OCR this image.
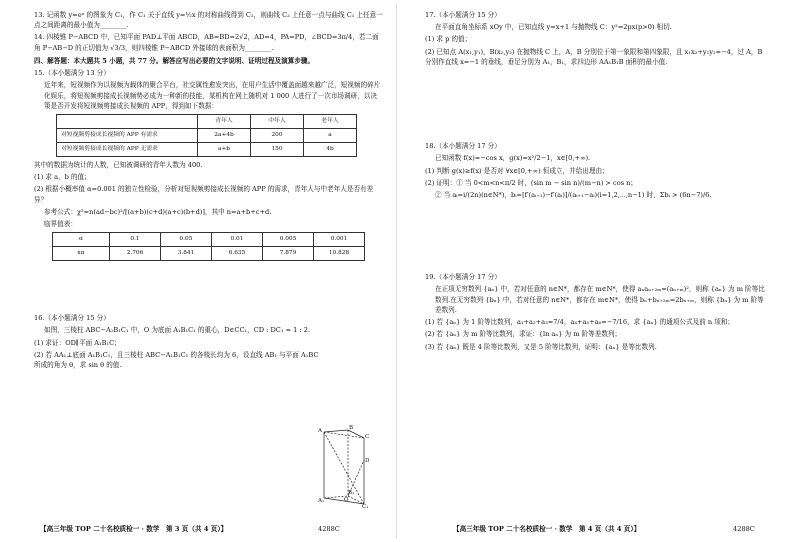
13. 记函数 y=eˣ 的图象为 C₁，作 C₁ 关于直线 y=½x 的对称曲线得到 C₂，则曲线 C₂ 上任意一点与曲线 C₁ 上任意一点之间距离的最小值为________.

14. 四棱锥 P−ABCD 中，已知平面 PAD⊥平面 ABCD，AB=BD=2√2，AD=4，PA=PD，∠BCD=3π/4，若二面角 P−AB−D 的正切值为 √3/3，则四棱锥 P−ABCD 外接球的表面积为________.

四、解答题：本大题共 5 小题，共 77 分。解答应写出必要的文字说明、证明过程及演算步骤。

15.（本小题满分 13 分）

近年来，短视频作为以视频为载体的聚合平台，社交属性愈发突出，在用户生活中覆盖面越来越广泛，短视频的碎片化娱乐，将短视频剪接成长视频势必成为一种新的技能，某机构在网上随机对 1 000 人进行了一次市场调研，以决策是否开发将短视频剪接成长视频的 APP，得到如下数据：

	青年人	中年人	老年人
对短视频剪接成长视频的 APP 有需求	2a+4b	200	a
对短视频剪接成长视频的 APP 无需求	a+b	150	4b

其中的数据为统计的人数，已知被调研的青年人数为 400.

(1) 求 a，b 的值；

(2) 根据小概率值 α=0.001 的独立性检验，分析对短视频剪接成长视频的 APP 的需求，青年人与中老年人是否有差异？

参考公式：χ²=n(ad−bc)²/[(a+b)(c+d)(a+c)(b+d)]，其中 n=a+b+c+d.

临界值表：

α	0.1	0.05	0.01	0.005	0.001
xα	2.706	3.841	6.635	7.879	10.828

16.（本小题满分 15 分）

如图，三棱柱 ABC−A₁B₁C₁ 中，O 为底面 A₁B₁C₁ 的重心，D∈CC₁，CD : DC₁ = 1 : 2.

(1) 求证：OD∥平面 A₁B₁C；

(2) 若 AA₁⊥底面 A₁B₁C₁，且三棱柱 ABC−A₁B₁C₁ 的各棱长均为 6，设直线 AB₁ 与平面 A₁BC 所成的角为 θ，求 sin θ 的值.

A	B
C
D
O
A₁
B₁
C₁
【高三年级 TOP 二十名校质检一 · 数学　第 3 页（共 4 页）】	4288C

17.（本小题满分 15 分）

在平面直角坐标系 xOy 中，已知直线 y=x+1 与抛物线 C：y²=2px(p>0) 相切.

(1) 求 p 的值；

(2) 已知点 A(x₁,y₁)，B(x₂,y₂) 在抛物线 C 上，A，B 分别位于第一象限和第四象限，且 x₁x₂+y₁y₂=−4，过 A，B 分别作直线 x=−1 的垂线，垂足分别为 A₁，B₁，求四边形 AA₁B₁B 面积的最小值.

18.（本小题满分 17 分）

已知函数 f(x)=−cos x，g(x)=x²/2−1，x∈[0,+∞).

(1) 判断 g(x)≥f(x) 是否对 ∀x∈[0,+∞) 恒成立，并给出理由；

(2) 证明：① 当 0<m<n<π/2 时，(sin m − sin n)/(m−n) > cos n；

② 当 aᵢ=i/(2n)(n∈N*)，bᵢ=[f′(aᵢ₊₁)−f′(aᵢ)]/(aᵢ₊₁−aᵢ)(i=1,2,⋯,n−1) 时，Σbᵢ > (6n−7)/6.

19.（本小题满分 17 分）

在正项无穷数列 {aₙ} 中，若对任意的 n∈N*，都存在 m∈N*，使得 aₙaₙ₊₂ₘ=(aₙ₊ₘ)²，则称 {aₙ} 为 m 阶等比数列.在无穷数列 {bₙ} 中，若对任意的 n∈N*，都存在 m∈N*，使得 bₙ+bₙ₊₂ₘ=2bₙ₊ₘ，则称 {bₙ} 为 m 阶等差数列.

(1) 若 {aₙ} 为 1 阶等比数列，a₁+a₂+a₃=7/4，a₄+a₅+a₆=−7/16，求 {aₙ} 的通项公式及前 n 项和；

(2) 若 {aₙ} 为 m 阶等比数列，求证：{ln aₙ} 为 m 阶等差数列；

(3) 若 {aₙ} 既是 4 阶等比数列，又是 5 阶等比数列，证明：{aₙ} 是等比数列.

【高三年级 TOP 二十名校质检一 · 数学　第 4 页（共 4 页）】	4288C
